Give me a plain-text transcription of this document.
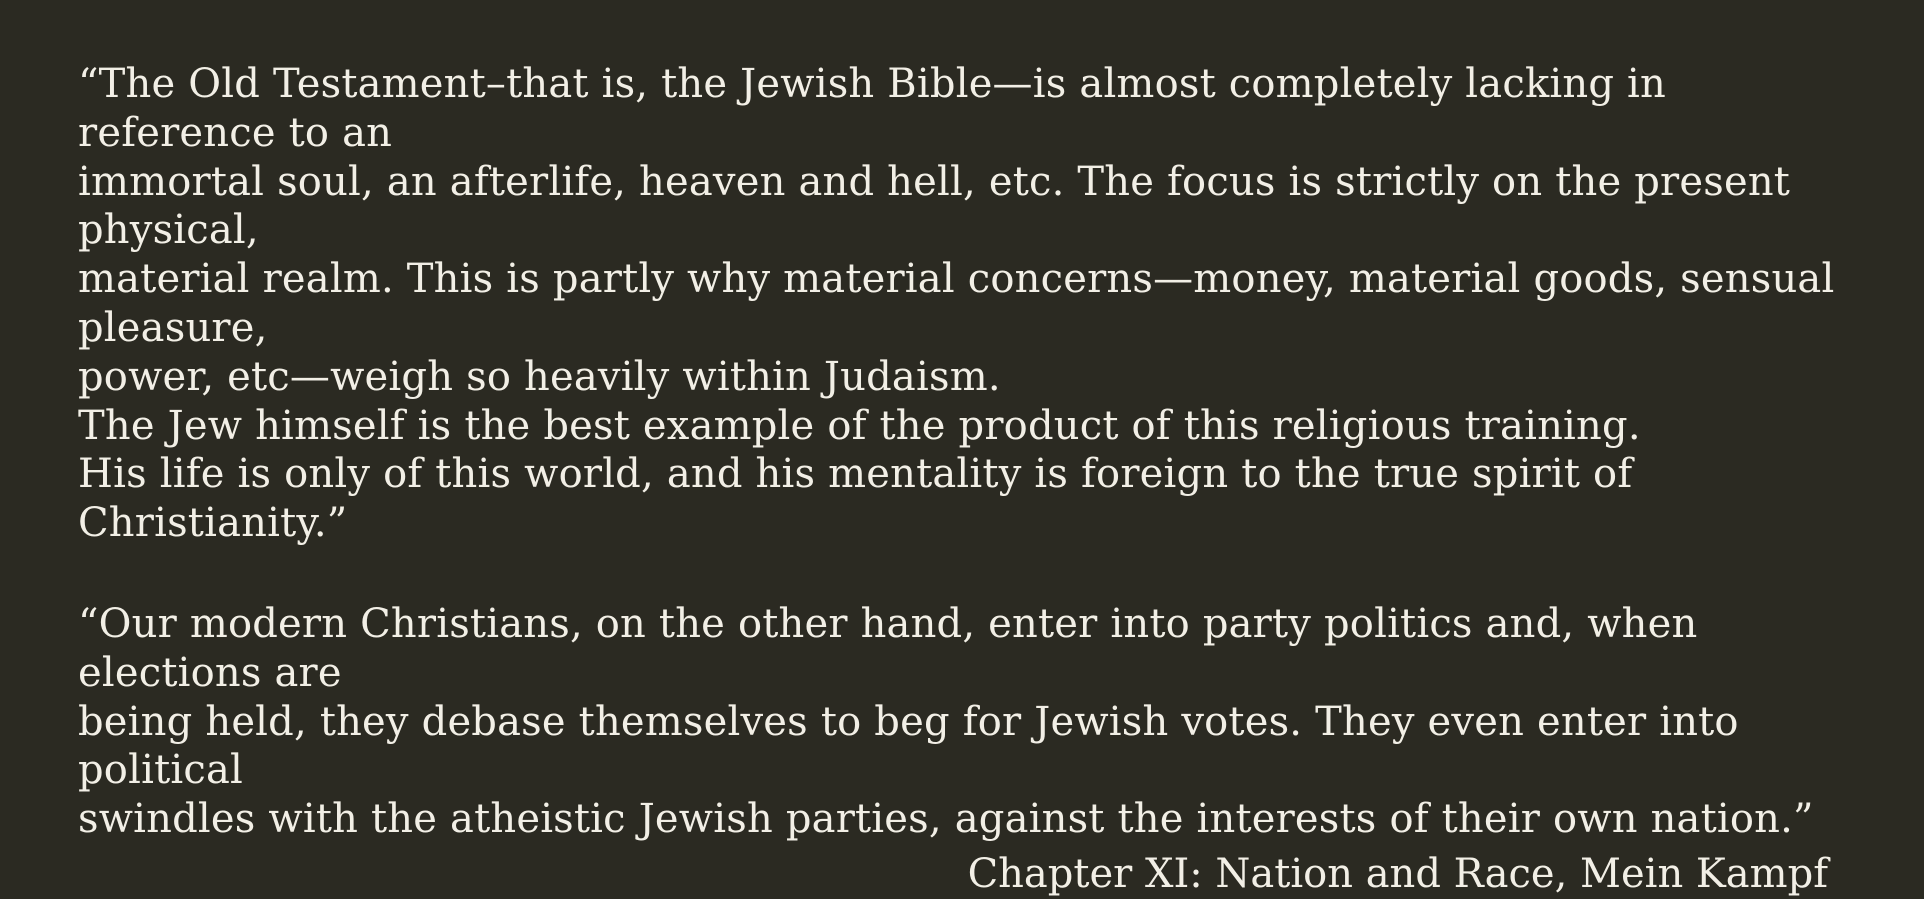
“The Old Testament–that is, the Jewish Bible—is almost completely lacking in reference to an
immortal soul, an afterlife, heaven and hell, etc. The focus is strictly on the present physical,
material realm. This is partly why material concerns—money, material goods, sensual pleasure,
power, etc—weigh so heavily within Judaism.
The Jew himself is the best example of the product of this religious training.
His life is only of this world, and his mentality is foreign to the true spirit of Christianity.”

“Our modern Christians, on the other hand, enter into party politics and, when elections are
being held, they debase themselves to beg for Jewish votes. They even enter into political
swindles with the atheistic Jewish parties, against the interests of their own nation.”

Chapter XI: Nation and Race, Mein Kampf
